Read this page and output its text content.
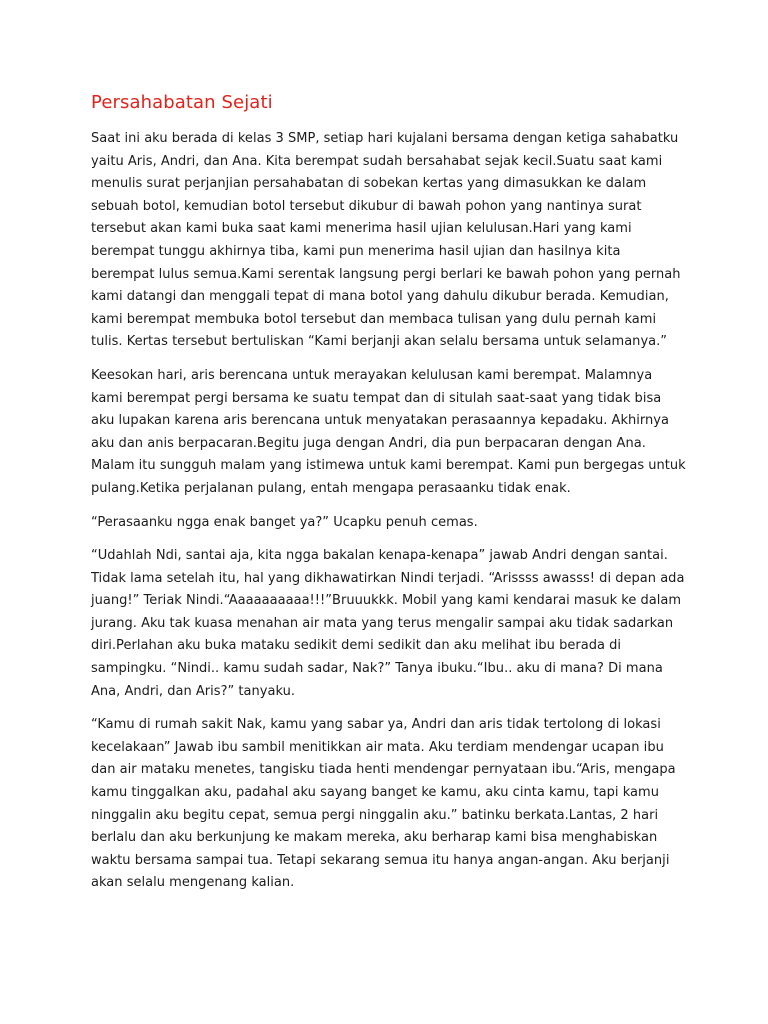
Persahabatan Sejati

Saat ini aku berada di kelas 3 SMP, setiap hari kujalani bersama dengan ketiga sahabatku yaitu Aris, Andri, dan Ana. Kita berempat sudah bersahabat sejak kecil.Suatu saat kami menulis surat perjanjian persahabatan di sobekan kertas yang dimasukkan ke dalam sebuah botol, kemudian botol tersebut dikubur di bawah pohon yang nantinya surat tersebut akan kami buka saat kami menerima hasil ujian kelulusan.Hari yang kami berempat tunggu akhirnya tiba, kami pun menerima hasil ujian dan hasilnya kita berempat lulus semua.Kami serentak langsung pergi berlari ke bawah pohon yang pernah kami datangi dan menggali tepat di mana botol yang dahulu dikubur berada. Kemudian, kami berempat membuka botol tersebut dan membaca tulisan yang dulu pernah kami tulis. Kertas tersebut bertuliskan “Kami berjanji akan selalu bersama untuk selamanya.”

Keesokan hari, aris berencana untuk merayakan kelulusan kami berempat. Malamnya kami berempat pergi bersama ke suatu tempat dan di situlah saat-saat yang tidak bisa aku lupakan karena aris berencana untuk menyatakan perasaannya kepadaku. Akhirnya aku dan anis berpacaran.Begitu juga dengan Andri, dia pun berpacaran dengan Ana. Malam itu sungguh malam yang istimewa untuk kami berempat. Kami pun bergegas untuk pulang.Ketika perjalanan pulang, entah mengapa perasaanku tidak enak.

“Perasaanku ngga enak banget ya?” Ucapku penuh cemas.

“Udahlah Ndi, santai aja, kita ngga bakalan kenapa-kenapa” jawab Andri dengan santai. Tidak lama setelah itu, hal yang dikhawatirkan Nindi terjadi. “Arissss awasss! di depan ada juang!” Teriak Nindi.“Aaaaaaaaaa!!!”Bruuukkk. Mobil yang kami kendarai masuk ke dalam jurang. Aku tak kuasa menahan air mata yang terus mengalir sampai aku tidak sadarkan diri.Perlahan aku buka mataku sedikit demi sedikit dan aku melihat ibu berada di sampingku. “Nindi.. kamu sudah sadar, Nak?” Tanya ibuku.“Ibu.. aku di mana? Di mana Ana, Andri, dan Aris?” tanyaku.

“Kamu di rumah sakit Nak, kamu yang sabar ya, Andri dan aris tidak tertolong di lokasi kecelakaan” Jawab ibu sambil menitikkan air mata. Aku terdiam mendengar ucapan ibu dan air mataku menetes, tangisku tiada henti mendengar pernyataan ibu.“Aris, mengapa kamu tinggalkan aku, padahal aku sayang banget ke kamu, aku cinta kamu, tapi kamu ninggalin aku begitu cepat, semua pergi ninggalin aku.” batinku berkata.Lantas, 2 hari berlalu dan aku berkunjung ke makam mereka, aku berharap kami bisa menghabiskan waktu bersama sampai tua. Tetapi sekarang semua itu hanya angan-angan. Aku berjanji akan selalu mengenang kalian.
